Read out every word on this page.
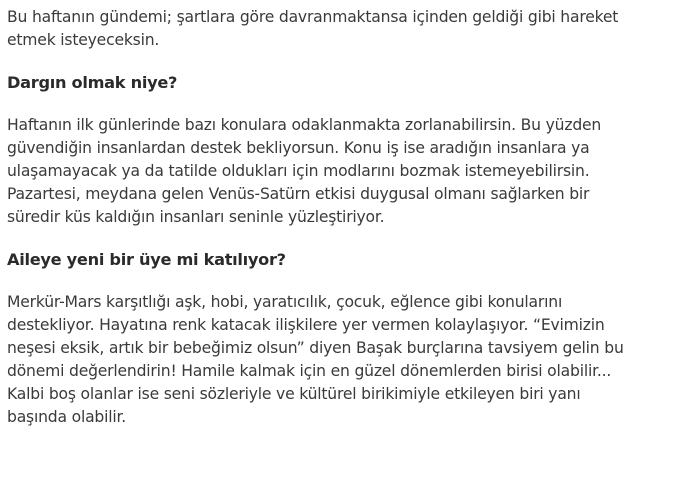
Bu haftanın gündemi; şartlara göre davranmaktansa içinden geldiği gibi hareket
etmek isteyeceksin.

Dargın olmak niye?

Haftanın ilk günlerinde bazı konulara odaklanmakta zorlanabilirsin. Bu yüzden
güvendiğin insanlardan destek bekliyorsun. Konu iş ise aradığın insanlara ya
ulaşamayacak ya da tatilde oldukları için modlarını bozmak istemeyebilirsin.
Pazartesi, meydana gelen Venüs-Satürn etkisi duygusal olmanı sağlarken bir
süredir küs kaldığın insanları seninle yüzleştiriyor.

Aileye yeni bir üye mi katılıyor?

Merkür-Mars karşıtlığı aşk, hobi, yaratıcılık, çocuk, eğlence gibi konularını
destekliyor. Hayatına renk katacak ilişkilere yer vermen kolaylaşıyor. “Evimizin
neşesi eksik, artık bir bebeğimiz olsun” diyen Başak burçlarına tavsiyem gelin bu
dönemi değerlendirin! Hamile kalmak için en güzel dönemlerden birisi olabilir...
Kalbi boş olanlar ise seni sözleriyle ve kültürel birikimiyle etkileyen biri yanı
başında olabilir.
